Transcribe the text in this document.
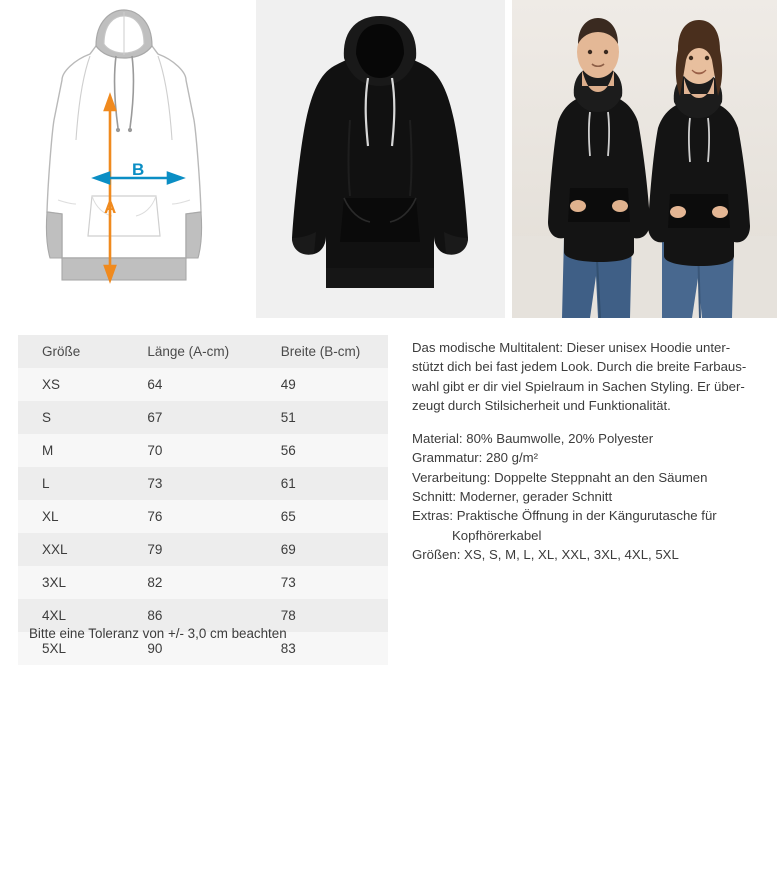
A
B
Größe	Länge (A-cm)	Breite (B-cm)
XS	64	49
S	67	51
M	70	56
L	73	61
XL	76	65
XXL	79	69
3XL	82	73
4XL	86	78
5XL	90	83

Das modische Multitalent: Dieser unisex Hoodie unter-

stützt dich bei fast jedem Look. Durch die breite Farbaus-

wahl gibt er dir viel Spielraum in Sachen Styling. Er über-

zeugt durch Stilsicherheit und Funktionalität.

Material: 80% Baumwolle, 20% Polyester

Grammatur: 280 g/m²

Verarbeitung: Doppelte Steppnaht an den Säumen

Schnitt: Moderner, gerader Schnitt

Extras: Praktische Öffnung in der Kängurutasche für

Kopfhörerkabel

Größen: XS, S, M, L, XL, XXL, 3XL, 4XL, 5XL

Bitte eine Toleranz von +/- 3,0 cm beachten
